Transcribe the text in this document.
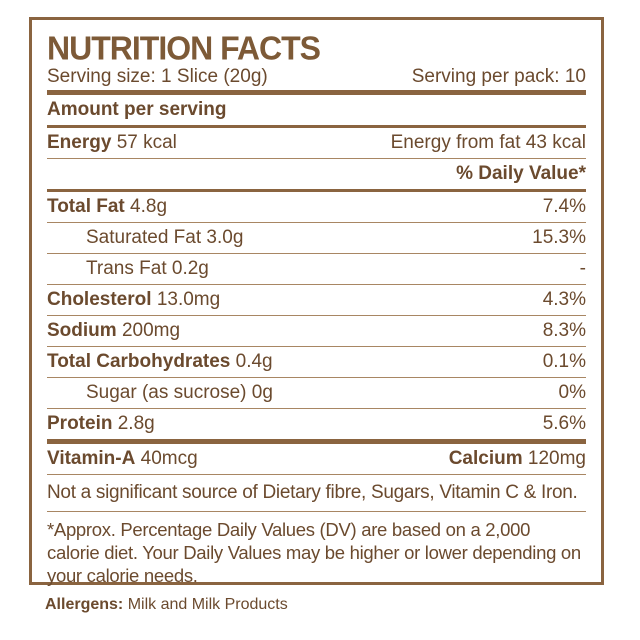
NUTRITION FACTS
Serving size: 1 Slice (20g)	Serving per pack: 10
Amount per serving
Energy 57 kcal	Energy from fat 43 kcal
% Daily Value*
Total Fat 4.8g	7.4%
Saturated Fat 3.0g	15.3%
Trans Fat 0.2g	-
Cholesterol 13.0mg	4.3%
Sodium 200mg	8.3%
Total Carbohydrates 0.4g	0.1%
Sugar (as sucrose) 0g	0%
Protein 2.8g	5.6%
Vitamin-A 40mcg	Calcium 120mg
Not a significant source of Dietary fibre, Sugars, Vitamin C & Iron.
*Approx. Percentage Daily Values (DV) are based on a 2,000 calorie diet. Your Daily Values may be higher or lower depending on your calorie needs.
Allergens: Milk and Milk Products
